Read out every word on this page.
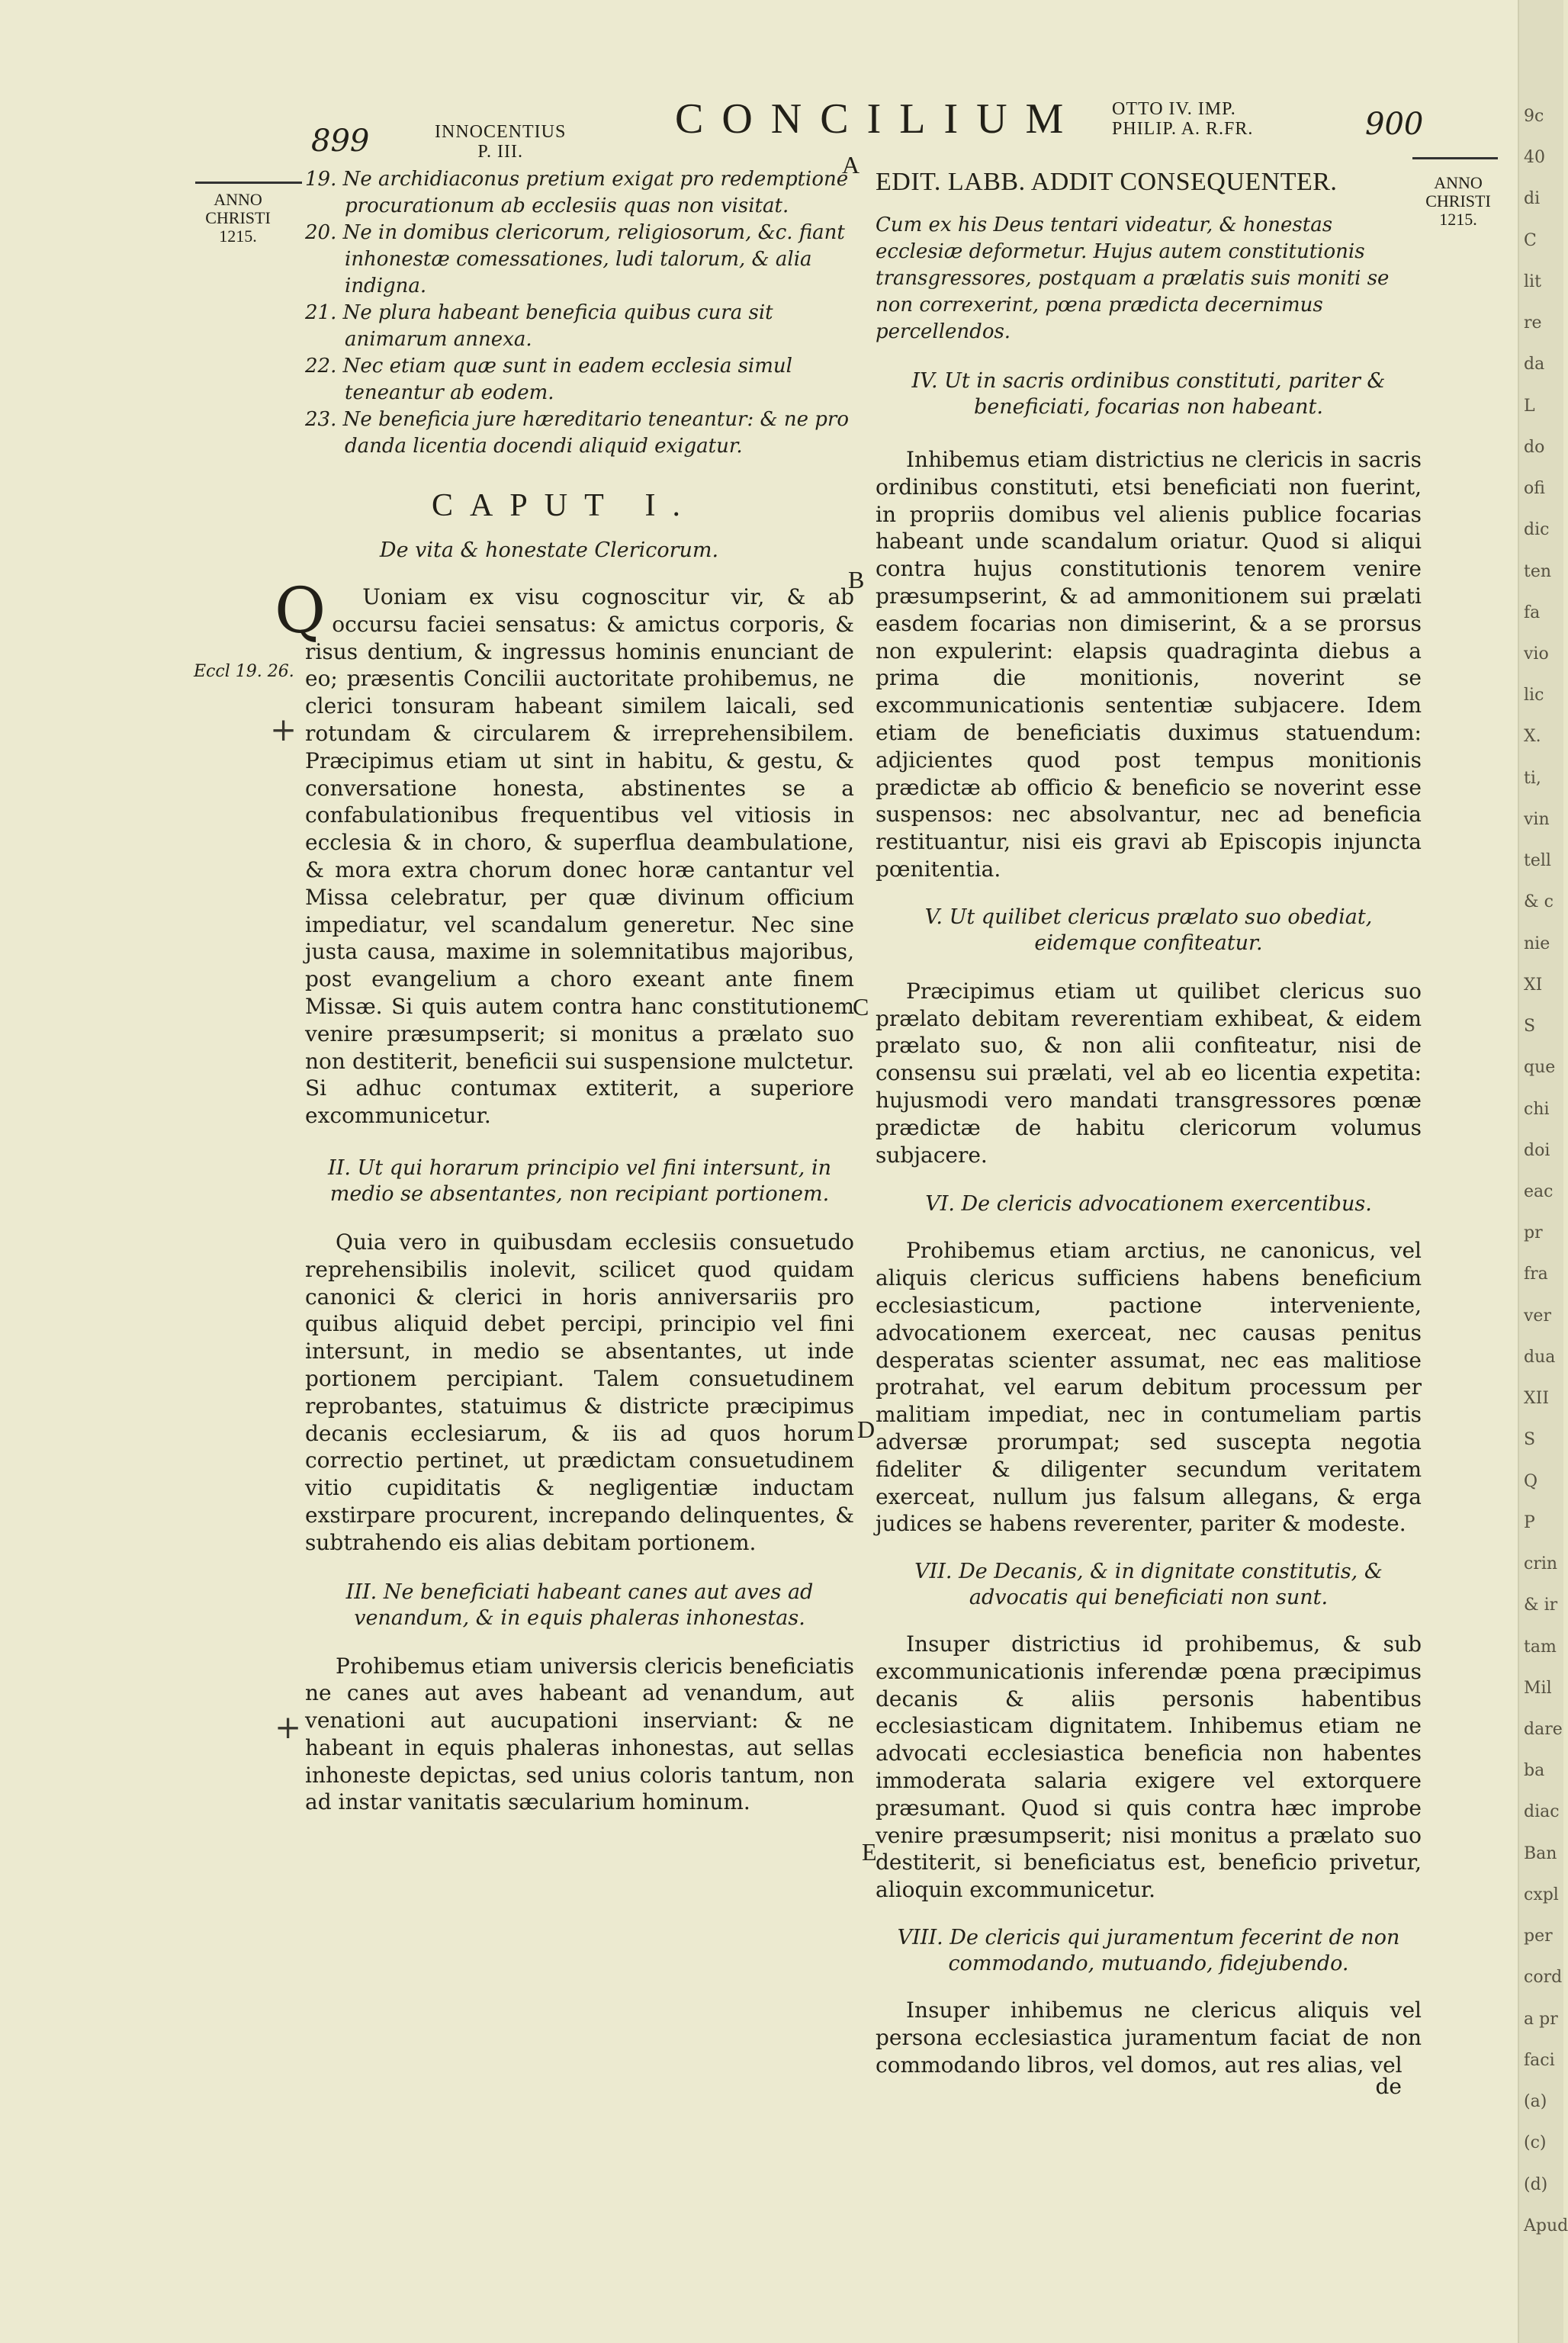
899	INNOCENTIUS
P. III.
CONCILIUM OTTO IV. IMP.
PHILIP. A. R.FR.	900
ANNO
CHRISTI
1215.
ANNO
CHRISTI
1215.
A
B
C
D
E
Eccl 19. 26.
+
+

19. Ne archidiaconus pretium exigat pro redemptione procurationum ab ecclesiis quas non visitat.

20. Ne in domibus clericorum, religiosorum, &c. fiant inhonestæ comessationes, ludi talorum, & alia indigna.

21. Ne plura habeant beneficia quibus cura sit animarum annexa.

22. Nec etiam quæ sunt in eadem ecclesia simul teneantur ab eodem.

23. Ne beneficia jure hæreditario teneantur: & ne pro danda licentia docendi aliquid exigatur.

CAPUT I.

De vita & honestate Clericorum.

Q Uoniam ex visu cognoscitur vir, & ab occursu faciei sensatus: & amictus corporis, & risus dentium, & ingressus hominis enunciant de eo; præsentis Concilii auctoritate prohibemus, ne clerici tonsuram habeant similem laicali, sed rotundam & circularem & irreprehensibilem. Præcipimus etiam ut sint in habitu, & gestu, & conversatione honesta, abstinentes se a confabulationibus frequentibus vel vitiosis in ecclesia & in choro, & superflua deambulatione, & mora extra chorum donec horæ cantantur vel Missa celebratur, per quæ divinum officium impediatur, vel scandalum generetur. Nec sine justa causa, maxime in solemnitatibus majoribus, post evangelium a choro exeant ante finem Missæ. Si quis autem contra hanc constitutionem venire præsumpserit; si monitus a prælato suo non destiterit, beneficii sui suspensione mulctetur. Si adhuc contumax extiterit, a superiore excommunicetur.

II. Ut qui horarum principio vel fini intersunt, in medio se absentantes, non recipiant portionem.

Quia vero in quibusdam ecclesiis consuetudo reprehensibilis inolevit, scilicet quod quidam canonici & clerici in horis anniversariis pro quibus aliquid debet percipi, principio vel fini intersunt, in medio se absentantes, ut inde portionem percipiant. Talem consuetudinem reprobantes, statuimus & districte præcipimus decanis ecclesiarum, & iis ad quos horum correctio pertinet, ut prædictam consuetudinem vitio cupiditatis & negligentiæ inductam exstirpare procurent, increpando delinquentes, & subtrahendo eis alias debitam portionem.

III. Ne beneficiati habeant canes aut aves ad venandum, & in equis phaleras inhonestas.

Prohibemus etiam universis clericis beneficiatis ne canes aut aves habeant ad venandum, aut venationi aut aucupationi inserviant: & ne habeant in equis phaleras inhonestas, aut sellas inhoneste depictas, sed unius coloris tantum, non ad instar vanitatis sæcularium hominum.

EDIT. LABB. ADDIT CONSEQUENTER.

Cum ex his Deus tentari videatur, & honestas ecclesiæ deformetur. Hujus autem constitutionis transgressores, postquam a prælatis suis moniti se non correxerint, pœna prædicta decernimus percellendos.

IV. Ut in sacris ordinibus constituti, pariter & beneficiati, focarias non habeant.

Inhibemus etiam districtius ne clericis in sacris ordinibus constituti, etsi beneficiati non fuerint, in propriis domibus vel alienis publice focarias habeant unde scandalum oriatur. Quod si aliqui contra hujus constitutionis tenorem venire præsumpserint, & ad ammonitionem sui prælati easdem focarias non dimiserint, & a se prorsus non expulerint: elapsis quadraginta diebus a prima die monitionis, noverint se excommunicationis sententiæ subjacere. Idem etiam de beneficiatis duximus statuendum: adjicientes quod post tempus monitionis prædictæ ab officio & beneficio se noverint esse suspensos: nec absolvantur, nec ad beneficia restituantur, nisi eis gravi ab Episcopis injuncta pœnitentia.

V. Ut quilibet clericus prælato suo obediat, eidemque confiteatur.

Præcipimus etiam ut quilibet clericus suo prælato debitam reverentiam exhibeat, & eidem prælato suo, & non alii confiteatur, nisi de consensu sui prælati, vel ab eo licentia expetita: hujusmodi vero mandati transgressores pœnæ prædictæ de habitu clericorum volumus subjacere.

VI. De clericis advocationem exercentibus.

Prohibemus etiam arctius, ne canonicus, vel aliquis clericus sufficiens habens beneficium ecclesiasticum, pactione interveniente, advocationem exerceat, nec causas penitus desperatas scienter assumat, nec eas malitiose protrahat, vel earum debitum processum per malitiam impediat, nec in contumeliam partis adversæ prorumpat; sed suscepta negotia fideliter & diligenter secundum veritatem exerceat, nullum jus falsum allegans, & erga judices se habens reverenter, pariter & modeste.

VII. De Decanis, & in dignitate constitutis, & advocatis qui beneficiati non sunt.

Insuper districtius id prohibemus, & sub excommunicationis inferendæ pœna præcipimus decanis & aliis personis habentibus ecclesiasticam dignitatem. Inhibemus etiam ne advocati ecclesiastica beneficia non habentes immoderata salaria exigere vel extorquere præsumant. Quod si quis contra hæc improbe venire præsumpserit; nisi monitus a prælato suo destiterit, si beneficiatus est, beneficio privetur, alioquin excommunicetur.

VIII. De clericis qui juramentum fecerint de non commodando, mutuando, fidejubendo.

Insuper inhibemus ne clericus aliquis vel persona ecclesiastica juramentum faciat de non commodando libros, vel domos, aut res alias, vel

de
9c
40
di
C
lit
re
da
L
do
ofi
dic
ten
fa
vio
lic
X.
ti,
vin
tell
& c
nie
XI
S
que
chi
doi
eac
pr
fra
ver
dua
XII
S
Q
P
crin
& ir
tam
Mil
dare
ba
diac
Ban
cxpl
per
cord
a pr
faci
(a)
(c)
(d)
Apud
